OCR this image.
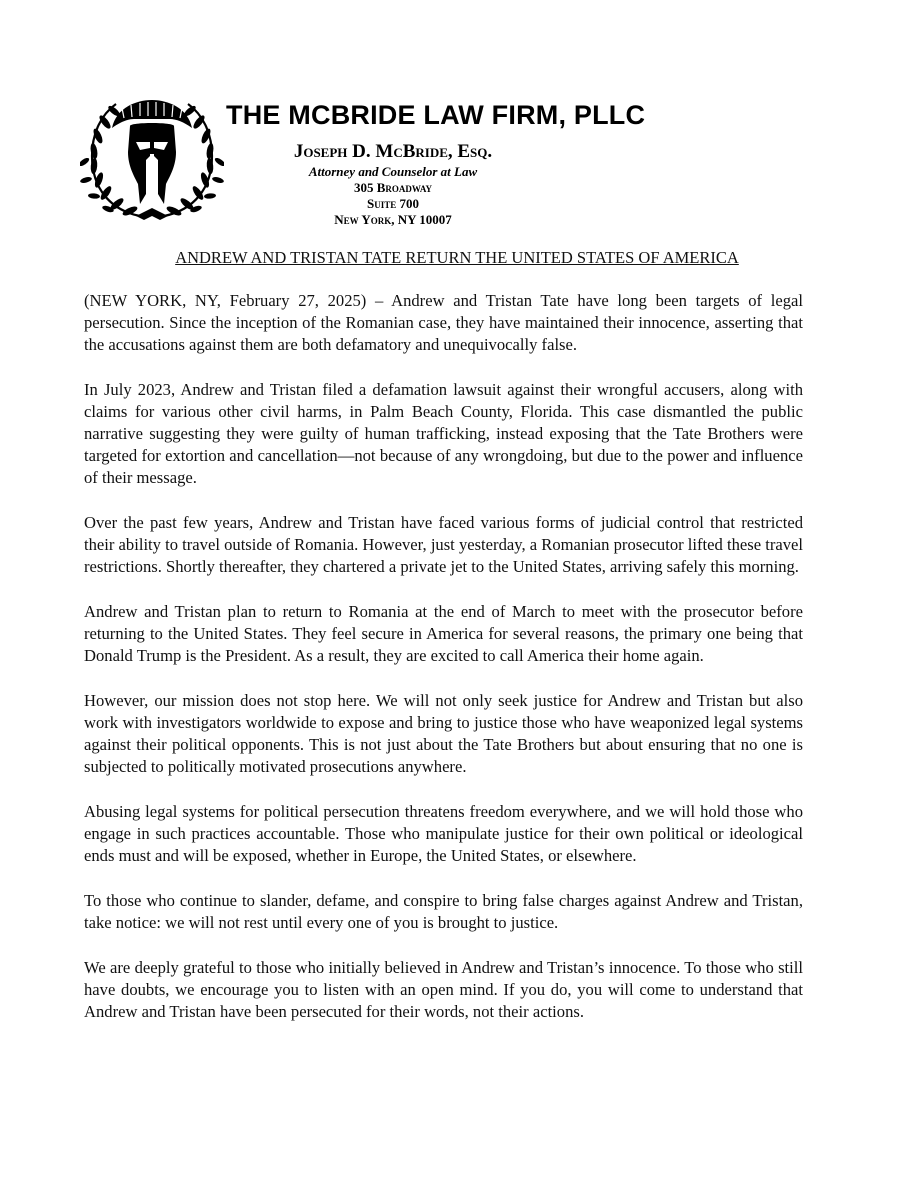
THE MCBRIDE LAW FIRM, PLLC
Joseph D. McBride, Esq.
Attorney and Counselor at Law
305 Broadway
Suite 700
New York, NY 10007
ANDREW AND TRISTAN TATE RETURN THE UNITED STATES OF AMERICA

(NEW YORK, NY, February 27, 2025) – Andrew and Tristan Tate have long been targets of legal persecution. Since the inception of the Romanian case, they have maintained their innocence, asserting that the accusations against them are both defamatory and unequivocally false.

In July 2023, Andrew and Tristan filed a defamation lawsuit against their wrongful accusers, along with claims for various other civil harms, in Palm Beach County, Florida. This case dismantled the public narrative suggesting they were guilty of human trafficking, instead exposing that the Tate Brothers were targeted for extortion and cancellation—not because of any wrongdoing, but due to the power and influence of their message.

Over the past few years, Andrew and Tristan have faced various forms of judicial control that restricted their ability to travel outside of Romania. However, just yesterday, a Romanian prosecutor lifted these travel restrictions. Shortly thereafter, they chartered a private jet to the United States, arriving safely this morning.

Andrew and Tristan plan to return to Romania at the end of March to meet with the prosecutor before returning to the United States. They feel secure in America for several reasons, the primary one being that Donald Trump is the President. As a result, they are excited to call America their home again.

However, our mission does not stop here. We will not only seek justice for Andrew and Tristan but also work with investigators worldwide to expose and bring to justice those who have weaponized legal systems against their political opponents. This is not just about the Tate Brothers but about ensuring that no one is subjected to politically motivated prosecutions anywhere.

Abusing legal systems for political persecution threatens freedom everywhere, and we will hold those who engage in such practices accountable. Those who manipulate justice for their own political or ideological ends must and will be exposed, whether in Europe, the United States, or elsewhere.

To those who continue to slander, defame, and conspire to bring false charges against Andrew and Tristan, take notice: we will not rest until every one of you is brought to justice.

We are deeply grateful to those who initially believed in Andrew and Tristan’s innocence. To those who still have doubts, we encourage you to listen with an open mind. If you do, you will come to understand that Andrew and Tristan have been persecuted for their words, not their actions.
